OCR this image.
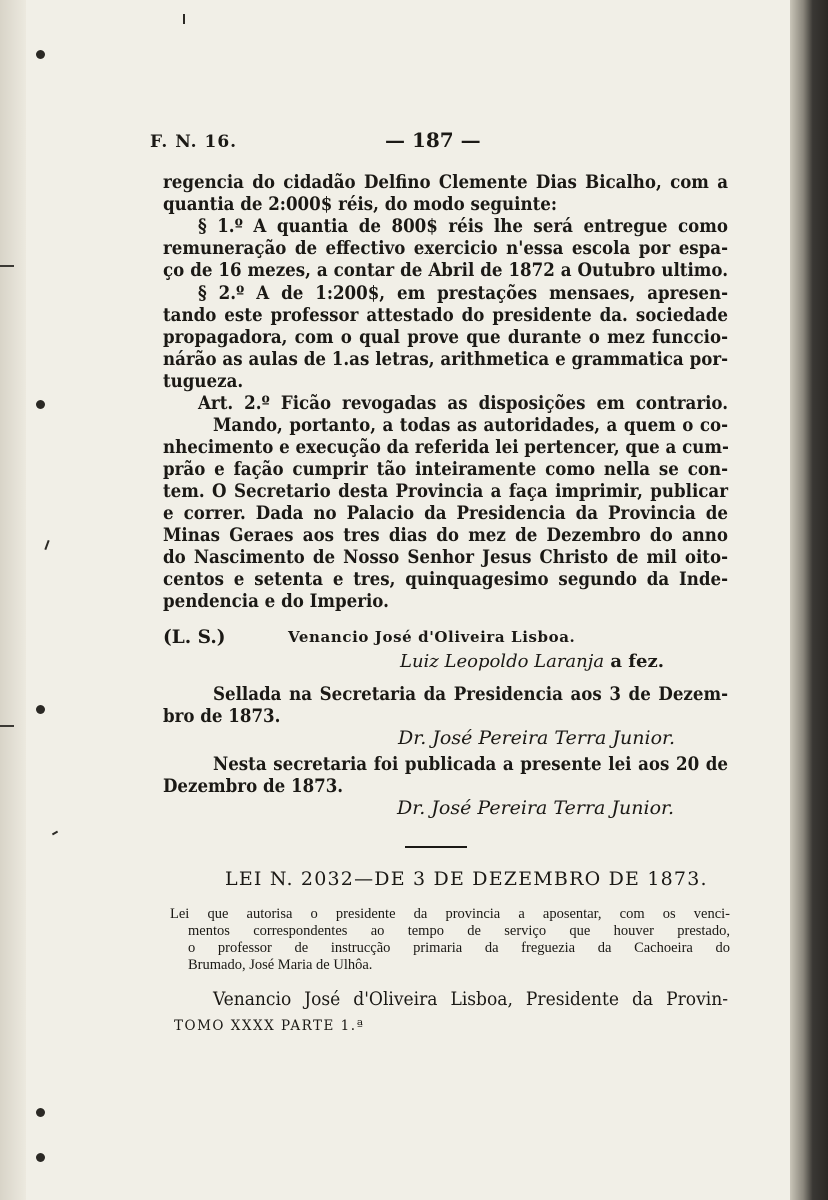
F. N. 16.	— 187 —
regencia do cidadão Delfino Clemente Dias Bicalho, com a
quantia de 2:000$ réis, do modo seguinte:
§ 1.º A quantia de 800$ réis lhe será entregue como
remuneração de effectivo exercicio n'essa escola por espa-
ço de 16 mezes, a contar de Abril de 1872 a Outubro ultimo.
§ 2.º A de 1:200$, em prestações mensaes, apresen-
tando este professor attestado do presidente da. sociedade
propagadora, com o qual prove que durante o mez funccio-
nárão as aulas de 1.as letras, arithmetica e grammatica por-
tugueza.
Art. 2.º Ficão revogadas as disposições em contrario.
Mando, portanto, a todas as autoridades, a quem o co-
nhecimento e execução da referida lei pertencer, que a cum-
prão e fação cumprir tão inteiramente como nella se con-
tem. O Secretario desta Provincia a faça imprimir, publicar
e correr. Dada no Palacio da Presidencia da Provincia de
Minas Geraes aos tres dias do mez de Dezembro do anno
do Nascimento de Nosso Senhor Jesus Christo de mil oito-
centos e setenta e tres, quinquagesimo segundo da Inde-
pendencia e do Imperio.
(L. S.)	Venancio José d'Oliveira Lisboa.
Luiz Leopoldo Laranja a fez.
Sellada na Secretaria da Presidencia aos 3 de Dezem-
bro de 1873.
Dr. José Pereira Terra Junior.
Nesta secretaria foi publicada a presente lei aos 20 de
Dezembro de 1873.
Dr. José Pereira Terra Junior.
LEI N. 2032—DE 3 DE DEZEMBRO DE 1873.
Lei que autorisa o presidente da provincia a aposentar, com os venci-
mentos correspondentes ao tempo de serviço que houver prestado,
o professor de instrucção primaria da freguezia da Cachoeira do
Brumado, José Maria de Ulhôa.
Venancio José d'Oliveira Lisboa, Presidente da Provin-
TOMO XXXX PARTE 1.ª
